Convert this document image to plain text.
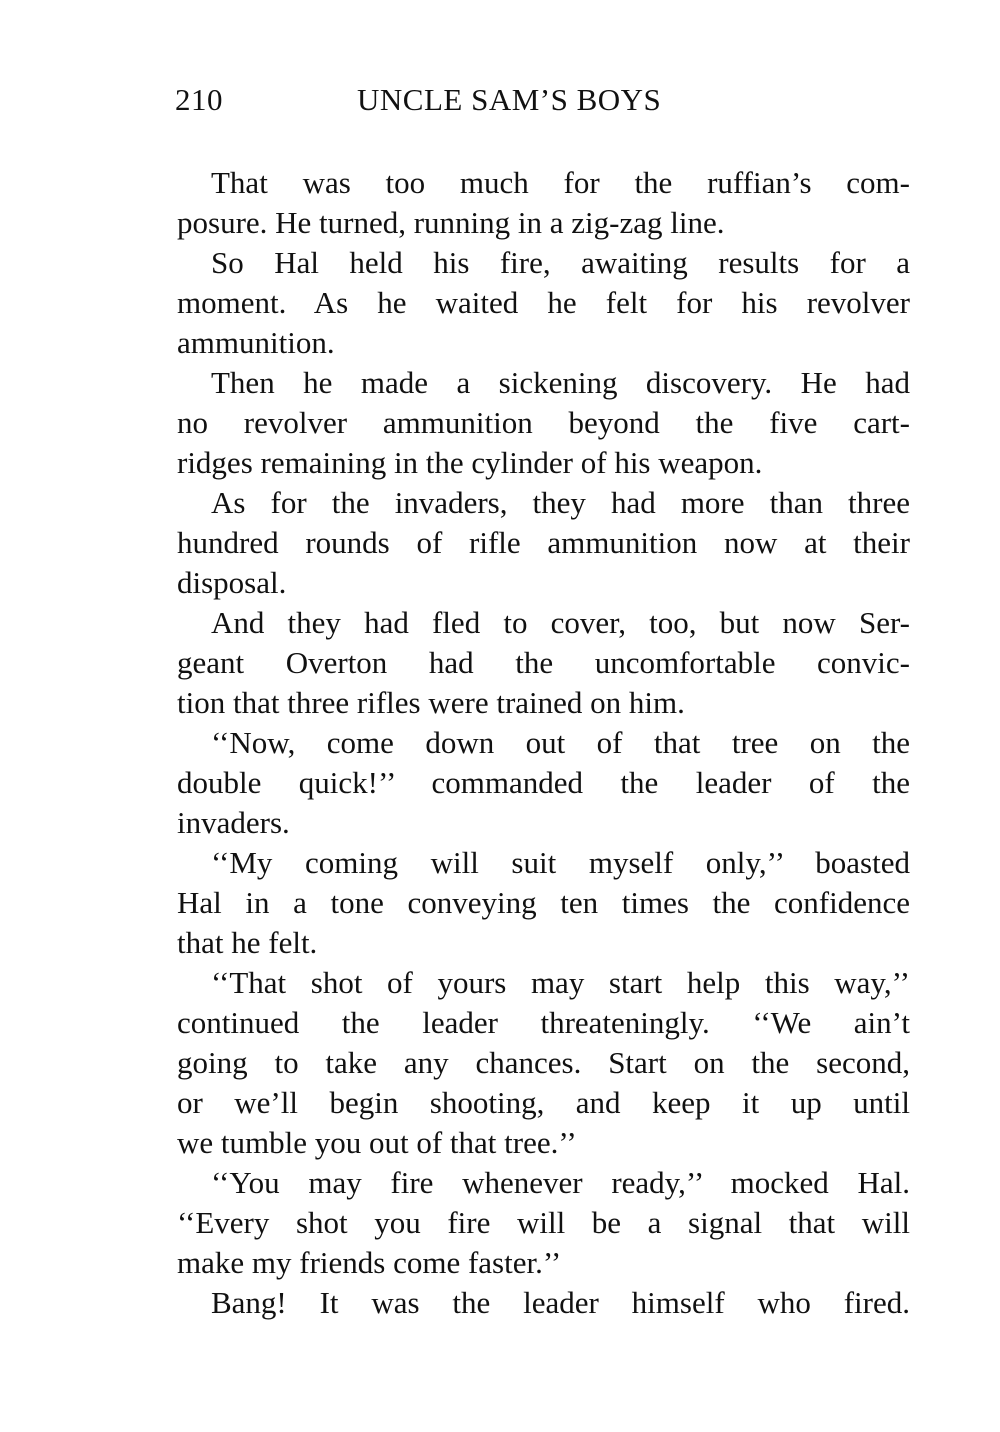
210	UNCLE SAM’S BOYS

That was too much for the ruffian’s com-
posure. He turned, running in a zig-zag line.

So Hal held his fire, awaiting results for a
moment. As he waited he felt for his revolver
ammunition.

Then he made a sickening discovery. He had
no revolver ammunition beyond the five cart-
ridges remaining in the cylinder of his weapon.

As for the invaders, they had more than three
hundred rounds of rifle ammunition now at their
disposal.

And they had fled to cover, too, but now Ser-
geant Overton had the uncomfortable convic-
tion that three rifles were trained on him.

‘‘Now, come down out of that tree on the
double quick!’’ commanded the leader of the
invaders.

‘‘My coming will suit myself only,’’ boasted
Hal in a tone conveying ten times the confidence
that he felt.

‘‘That shot of yours may start help this way,’’
continued the leader threateningly. ‘‘We ain’t
going to take any chances. Start on the second,
or we’ll begin shooting, and keep it up until
we tumble you out of that tree.’’

‘‘You may fire whenever ready,’’ mocked Hal.
‘‘Every shot you fire will be a signal that will
make my friends come faster.’’

Bang! It was the leader himself who fired.
